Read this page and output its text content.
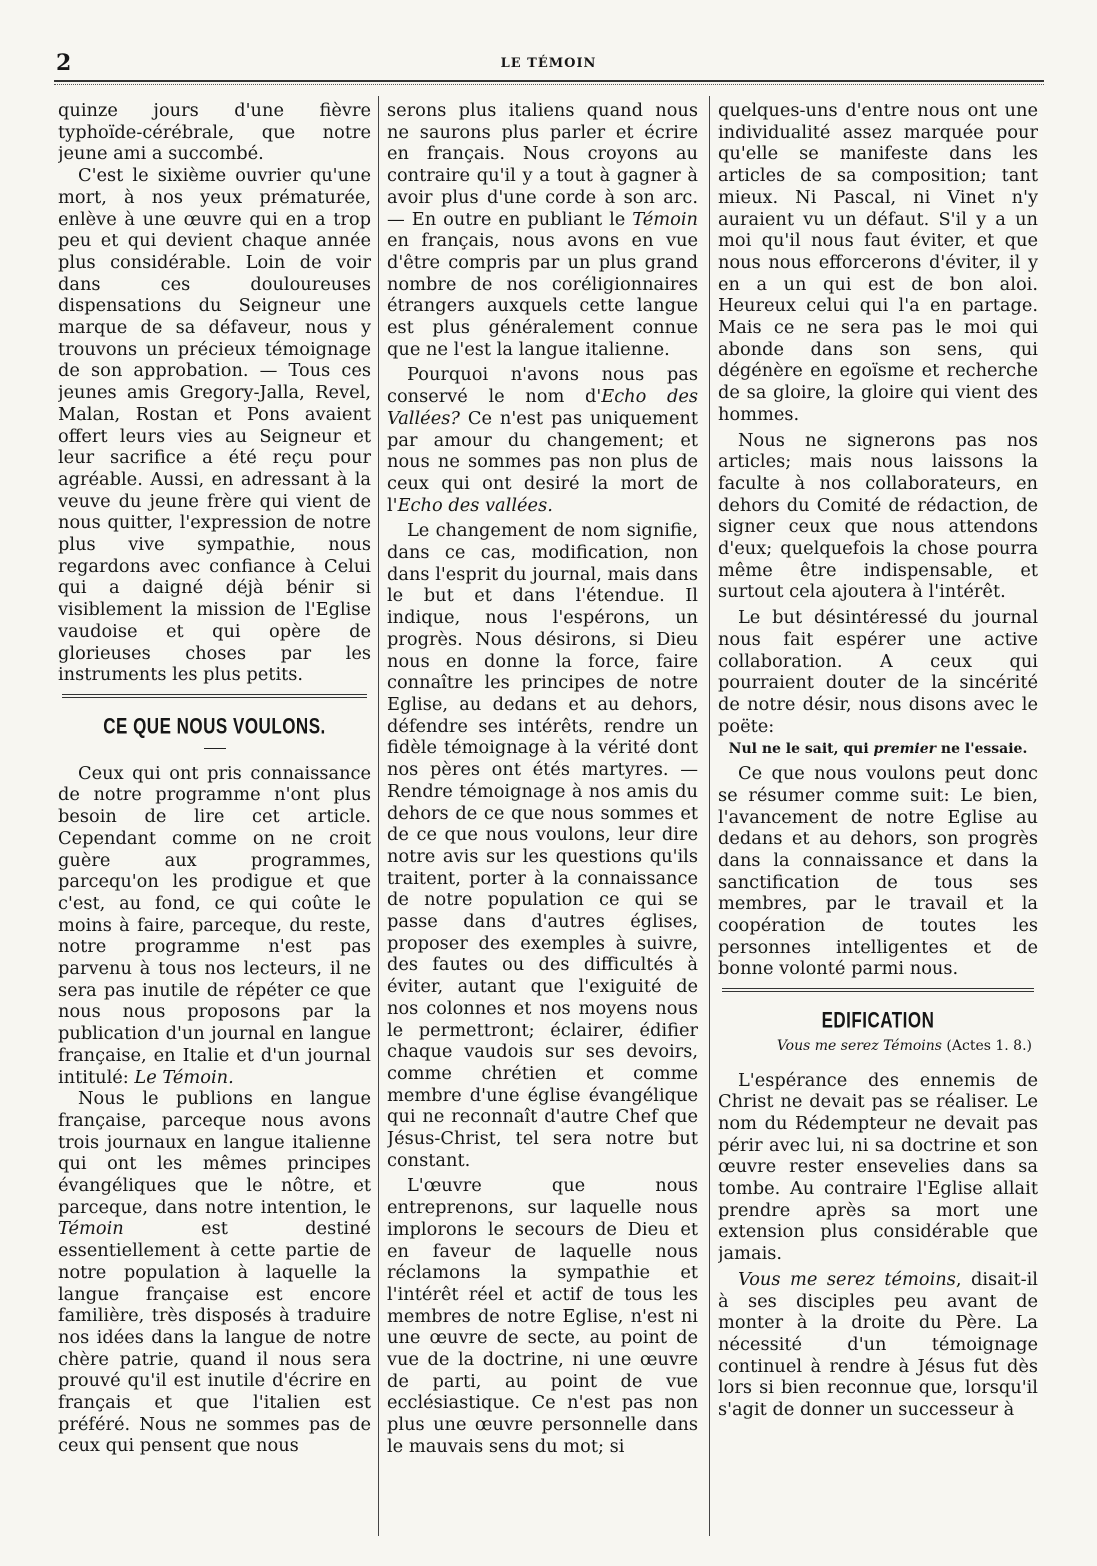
2	LE TÉMOIN

quinze jours d'une fièvre typhoïde-cérébrale, que notre jeune ami a succombé.

C'est le sixième ouvrier qu'une mort, à nos yeux prématurée, enlève à une œuvre qui en a trop peu et qui devient chaque année plus considérable. Loin de voir dans ces douloureuses dispensations du Seigneur une marque de sa défaveur, nous y trouvons un précieux témoignage de son approbation. — Tous ces jeunes amis Gregory-Jalla, Revel, Malan, Rostan et Pons avaient offert leurs vies au Seigneur et leur sacrifice a été reçu pour agréable. Aussi, en adressant à la veuve du jeune frère qui vient de nous quitter, l'expression de notre plus vive sympathie, nous regardons avec confiance à Celui qui a daigné déjà bénir si visiblement la mission de l'Eglise vaudoise et qui opère de glorieuses choses par les instruments les plus petits.

CE QUE NOUS VOULONS.

Ceux qui ont pris connaissance de notre programme n'ont plus besoin de lire cet article. Cependant comme on ne croit guère aux programmes, parcequ'on les prodigue et que c'est, au fond, ce qui coûte le moins à faire, parceque, du reste, notre programme n'est pas parvenu à tous nos lecteurs, il ne sera pas inutile de répéter ce que nous nous proposons par la publication d'un journal en langue française, en Italie et d'un journal intitulé: Le Témoin.

Nous le publions en langue française, parceque nous avons trois journaux en langue italienne qui ont les mêmes principes évangéliques que le nôtre, et parceque, dans notre intention, le Témoin est destiné essentiellement à cette partie de notre population à laquelle la langue française est encore familière, très disposés à traduire nos idées dans la langue de notre chère patrie, quand il nous sera prouvé qu'il est inutile d'écrire en français et que l'italien est préféré. Nous ne sommes pas de ceux qui pensent que nous

serons plus italiens quand nous ne saurons plus parler et écrire en français. Nous croyons au contraire qu'il y a tout à gagner à avoir plus d'une corde à son arc. — En outre en publiant le Témoin en français, nous avons en vue d'être compris par un plus grand nombre de nos coréligionnaires étrangers auxquels cette langue est plus généralement connue que ne l'est la langue italienne.

Pourquoi n'avons nous pas conservé le nom d'Echo des Vallées? Ce n'est pas uniquement par amour du changement; et nous ne sommes pas non plus de ceux qui ont desiré la mort de l'Echo des vallées.

Le changement de nom signifie, dans ce cas, modification, non dans l'esprit du journal, mais dans le but et dans l'étendue. Il indique, nous l'espérons, un progrès. Nous désirons, si Dieu nous en donne la force, faire connaître les principes de notre Eglise, au dedans et au dehors, défendre ses intérêts, rendre un fidèle témoignage à la vérité dont nos pères ont étés martyres. — Rendre témoignage à nos amis du dehors de ce que nous sommes et de ce que nous voulons, leur dire notre avis sur les questions qu'ils traitent, porter à la connaissance de notre population ce qui se passe dans d'autres églises, proposer des exemples à suivre, des fautes ou des difficultés à éviter, autant que l'exiguité de nos colonnes et nos moyens nous le permettront; éclairer, édifier chaque vaudois sur ses devoirs, comme chrétien et comme membre d'une église évangélique qui ne reconnaît d'autre Chef que Jésus-Christ, tel sera notre but constant.

L'œuvre que nous entreprenons, sur laquelle nous implorons le secours de Dieu et en faveur de laquelle nous réclamons la sympathie et l'intérêt réel et actif de tous les membres de notre Eglise, n'est ni une œuvre de secte, au point de vue de la doctrine, ni une œuvre de parti, au point de vue ecclésiastique. Ce n'est pas non plus une œuvre personnelle dans le mauvais sens du mot; si

quelques-uns d'entre nous ont une individualité assez marquée pour qu'elle se manifeste dans les articles de sa composition; tant mieux. Ni Pascal, ni Vinet n'y auraient vu un défaut. S'il y a un moi qu'il nous faut éviter, et que nous nous efforcerons d'éviter, il y en a un qui est de bon aloi. Heureux celui qui l'a en partage. Mais ce ne sera pas le moi qui abonde dans son sens, qui dégénère en egoïsme et recherche de sa gloire, la gloire qui vient des hommes.

Nous ne signerons pas nos articles; mais nous laissons la faculte à nos collaborateurs, en dehors du Comité de rédaction, de signer ceux que nous attendons d'eux; quelquefois la chose pourra même être indispensable, et surtout cela ajoutera à l'intérêt.

Le but désintéressé du journal nous fait espérer une active collaboration. A ceux qui pourraient douter de la sincérité de notre désir, nous disons avec le poëte:

Nul ne le sait, qui premier ne l'essaie.

Ce que nous voulons peut donc se résumer comme suit: Le bien, l'avancement de notre Eglise au dedans et au dehors, son progrès dans la connaissance et dans la sanctification de tous ses membres, par le travail et la coopération de toutes les personnes intelligentes et de bonne volonté parmi nous.

EDIFICATION
Vous me serez Témoins (Actes 1. 8.)

L'espérance des ennemis de Christ ne devait pas se réaliser. Le nom du Rédempteur ne devait pas périr avec lui, ni sa doctrine et son œuvre rester ensevelies dans sa tombe. Au contraire l'Eglise allait prendre après sa mort une extension plus considérable que jamais.

Vous me serez témoins, disait-il à ses disciples peu avant de monter à la droite du Père. La nécessité d'un témoignage continuel à rendre à Jésus fut dès lors si bien reconnue que, lorsqu'il s'agit de donner un successeur à
